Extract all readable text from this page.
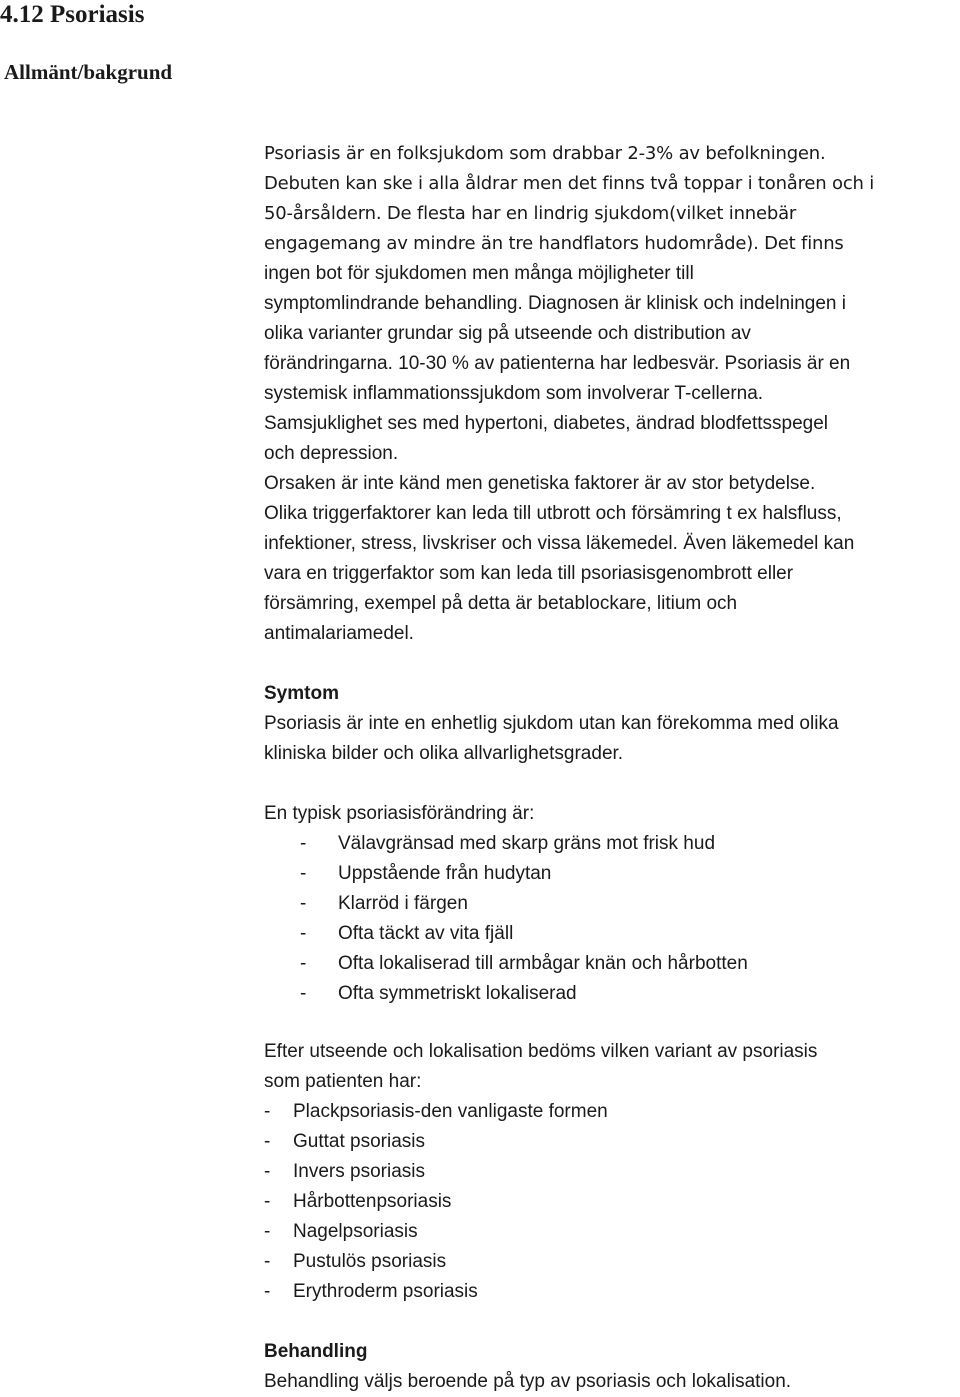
4.12 Psoriasis
Allmänt/bakgrund
Psoriasis är en folksjukdom som drabbar 2-3% av befolkningen.
Debuten kan ske i alla åldrar men det finns två toppar i tonåren och i
50-årsåldern. De flesta har en lindrig sjukdom(vilket innebär
engagemang av mindre än tre handflators hudområde). Det finns
ingen bot för sjukdomen men många möjligheter till
symptomlindrande behandling. Diagnosen är klinisk och indelningen i
olika varianter grundar sig på utseende och distribution av
förändringarna. 10-30 % av patienterna har ledbesvär. Psoriasis är en
systemisk inflammationssjukdom som involverar T-cellerna.
Samsjuklighet ses med hypertoni, diabetes, ändrad blodfettsspegel
och depression.
Orsaken är inte känd men genetiska faktorer är av stor betydelse.
Olika triggerfaktorer kan leda till utbrott och försämring t ex halsfluss,
infektioner, stress, livskriser och vissa läkemedel. Även läkemedel kan
vara en triggerfaktor som kan leda till psoriasisgenombrott eller
försämring, exempel på detta är betablockare, litium och
antimalariamedel.
Symtom
Psoriasis är inte en enhetlig sjukdom utan kan förekomma med olika
kliniska bilder och olika allvarlighetsgrader.
En typisk psoriasisförändring är:
- Välavgränsad med skarp gräns mot frisk hud
- Uppstående från hudytan
- Klarröd i färgen
- Ofta täckt av vita fjäll
- Ofta lokaliserad till armbågar knän och hårbotten
- Ofta symmetriskt lokaliserad
Efter utseende och lokalisation bedöms vilken variant av psoriasis
som patienten har:
- Plackpsoriasis-den vanligaste formen
- Guttat psoriasis
- Invers psoriasis
- Hårbottenpsoriasis
- Nagelpsoriasis
- Pustulös psoriasis
- Erythroderm psoriasis
Behandling
Behandling väljs beroende på typ av psoriasis och lokalisation.
